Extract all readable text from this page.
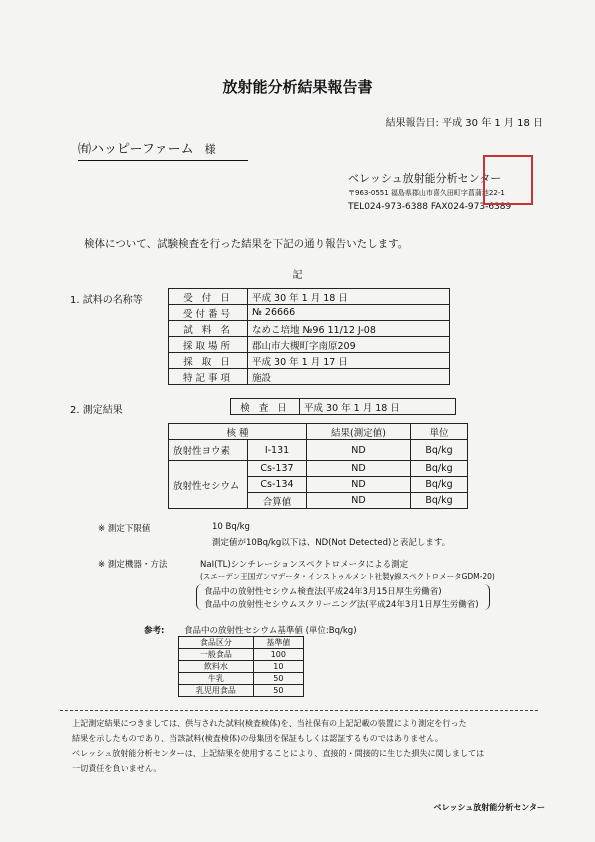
放射能分析結果報告書
結果報告日: 平成 30 年 1 月 18 日
㈲ハッピーファーム 様
ベレッシュ放射能分析センター
〒963-0551 福島県郡山市喜久田町字菖蒲池22-1
TEL024-973-6388 FAX024-973-6389
検体について、試験検査を行った結果を下記の通り報告いたします。
記
1. 試料の名称等	受 付 日	平成 30 年 1 月 18 日
受付番号	№ 26666
試 料 名	なめこ培地 №96 11/12 J-08
採取場所	郡山市大槻町字南原209
採 取 日	平成 30 年 1 月 17 日
特記事項	施設
2. 測定結果	検 査 日	平成 30 年 1 月 18 日
核 種		結果(測定値)	単位
放射性ヨウ素	I-131	ND	Bq/kg
放射性セシウム	Cs-137	ND	Bq/kg
	Cs-134	ND	Bq/kg
	合算値	ND	Bq/kg
※ 測定下限値	10 Bq/kg
測定値が10Bq/kg以下は、ND(Not Detected)と表記します。
※ 測定機器・方法	NaI(TL)シンチレーションスペクトロメータによる測定
(スエーデン王国ガンマデータ・インストゥルメント社製γ線スペクトロメータGDM-20)
食品中の放射性セシウム検査法(平成24年3月15日厚生労働省)
食品中の放射性セシウムスクリーニング法(平成24年3月1日厚生労働省)
参考: 食品中の放射性セシウム基準値 (単位:Bq/kg)
食品区分	基準値
一般食品	100
飲料水	10
牛乳	50
乳児用食品	50
上記測定結果につきましては、供与された試料(検査検体)を、当社保有の上記記載の装置により測定を行った
結果を示したものであり、当該試料(検査検体)の母集団を保証もしくは認証するものではありません。
ベレッシュ放射能分析センターは、上記結果を使用することにより、直接的・間接的に生じた損失に関しましては
一切責任を負いません。
ベレッシュ放射能分析センター
